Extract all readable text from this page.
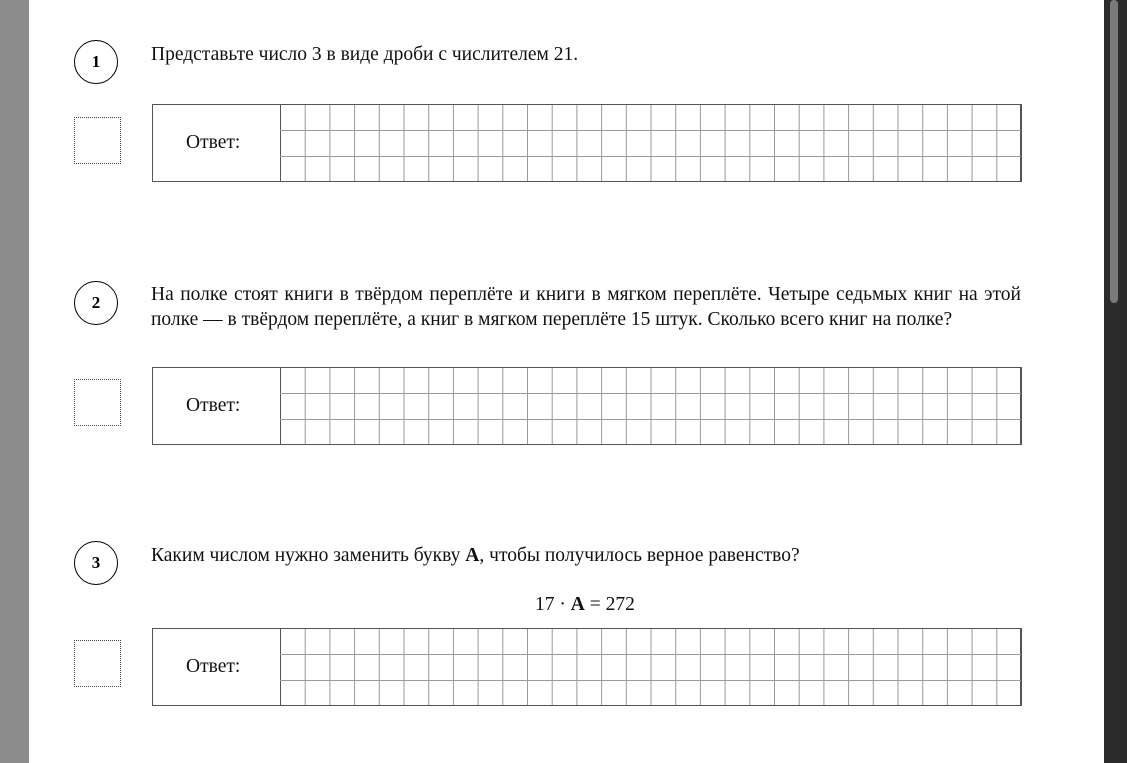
1	Представьте число 3 в виде дроби с числителем 21.
Ответ:
2	На полке стоят книги в твёрдом переплёте и книги в мягком переплёте. Четыре седьмых книг на этой полке — в твёрдом переплёте, а книг в мягком переплёте 15 штук. Сколько всего книг на полке?
Ответ:
3	Каким числом нужно заменить букву А, чтобы получилось верное равенство?
17 · А = 272
Ответ:
